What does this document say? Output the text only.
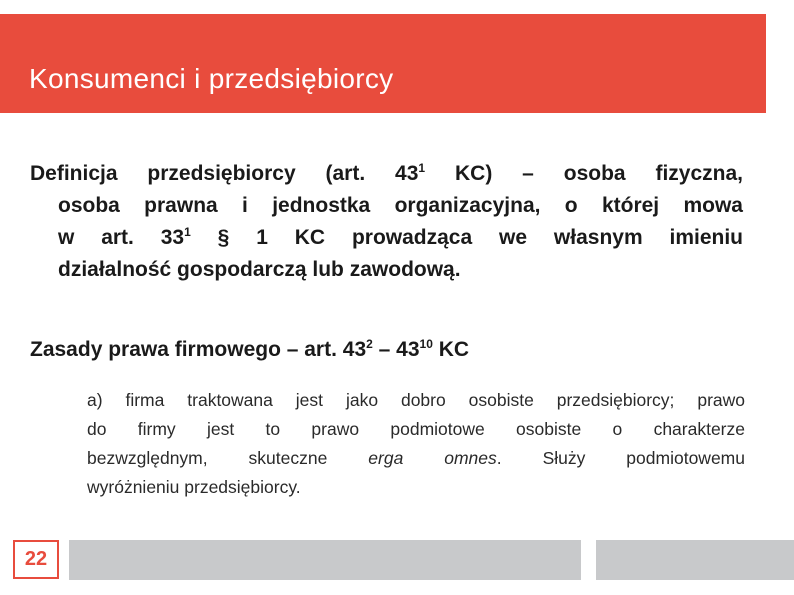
Konsumenci i przedsiębiorcy
Definicja przedsiębiorcy (art. $43^1$ KC) – osoba fizyczna,
osoba prawna i jednostka organizacyjna, o której mowa
w art. $33^1$ § 1 KC prowadząca we własnym imieniu
działalność gospodarczą lub zawodową.
Zasady prawa firmowego – art. $43^2 - 43^{10}$ KC
a) firma traktowana jest jako dobro osobiste przedsiębiorcy; prawo
do firmy jest to prawo podmiotowe osobiste o charakterze
bezwzględnym, skuteczne erga omnes. Służy podmiotowemu
wyróżnieniu przedsiębiorcy.
22
